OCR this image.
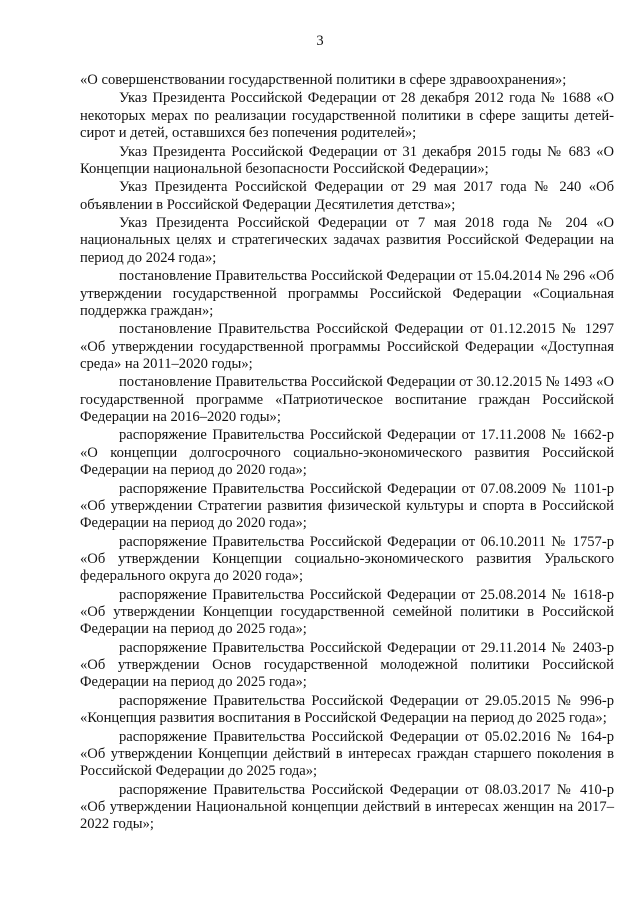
3

«О совершенствовании государственной политики в сфере здравоохранения»;

Указ Президента Российской Федерации от 28 декабря 2012 года № 1688 «О некоторых мерах по реализации государственной политики в сфере защиты детей-сирот и детей, оставшихся без попечения родителей»;

Указ Президента Российской Федерации от 31 декабря 2015 годы № 683 «О Концепции национальной безопасности Российской Федерации»;

Указ Президента Российской Федерации от 29 мая 2017 года № 240 «Об объявлении в Российской Федерации Десятилетия детства»;

Указ Президента Российской Федерации от 7 мая 2018 года № 204 «О национальных целях и стратегических задачах развития Российской Федерации на период до 2024 года»;

постановление Правительства Российской Федерации от 15.04.2014 № 296 «Об утверждении государственной программы Российской Федерации «Социальная поддержка граждан»;

постановление Правительства Российской Федерации от 01.12.2015 № 1297 «Об утверждении государственной программы Российской Федерации «Доступная среда» на 2011–2020 годы»;

постановление Правительства Российской Федерации от 30.12.2015 № 1493 «О государственной программе «Патриотическое воспитание граждан Российской Федерации на 2016–2020 годы»;

распоряжение Правительства Российской Федерации от 17.11.2008 № 1662-р «О концепции долгосрочного социально-экономического развития Российской Федерации на период до 2020 года»;

распоряжение Правительства Российской Федерации от 07.08.2009 № 1101-р «Об утверждении Стратегии развития физической культуры и спорта в Российской Федерации на период до 2020 года»;

распоряжение Правительства Российской Федерации от 06.10.2011 № 1757-р «Об утверждении Концепции социально-экономического развития Уральского федерального округа до 2020 года»;

распоряжение Правительства Российской Федерации от 25.08.2014 № 1618-р «Об утверждении Концепции государственной семейной политики в Российской Федерации на период до 2025 года»;

распоряжение Правительства Российской Федерации от 29.11.2014 № 2403-р «Об утверждении Основ государственной молодежной политики Российской Федерации на период до 2025 года»;

распоряжение Правительства Российской Федерации от 29.05.2015 № 996-р «Концепция развития воспитания в Российской Федерации на период до 2025 года»;

распоряжение Правительства Российской Федерации от 05.02.2016 № 164-р «Об утверждении Концепции действий в интересах граждан старшего поколения в Российской Федерации до 2025 года»;

распоряжение Правительства Российской Федерации от 08.03.2017 № 410-р «Об утверждении Национальной концепции действий в интересах женщин на 2017–2022 годы»;
